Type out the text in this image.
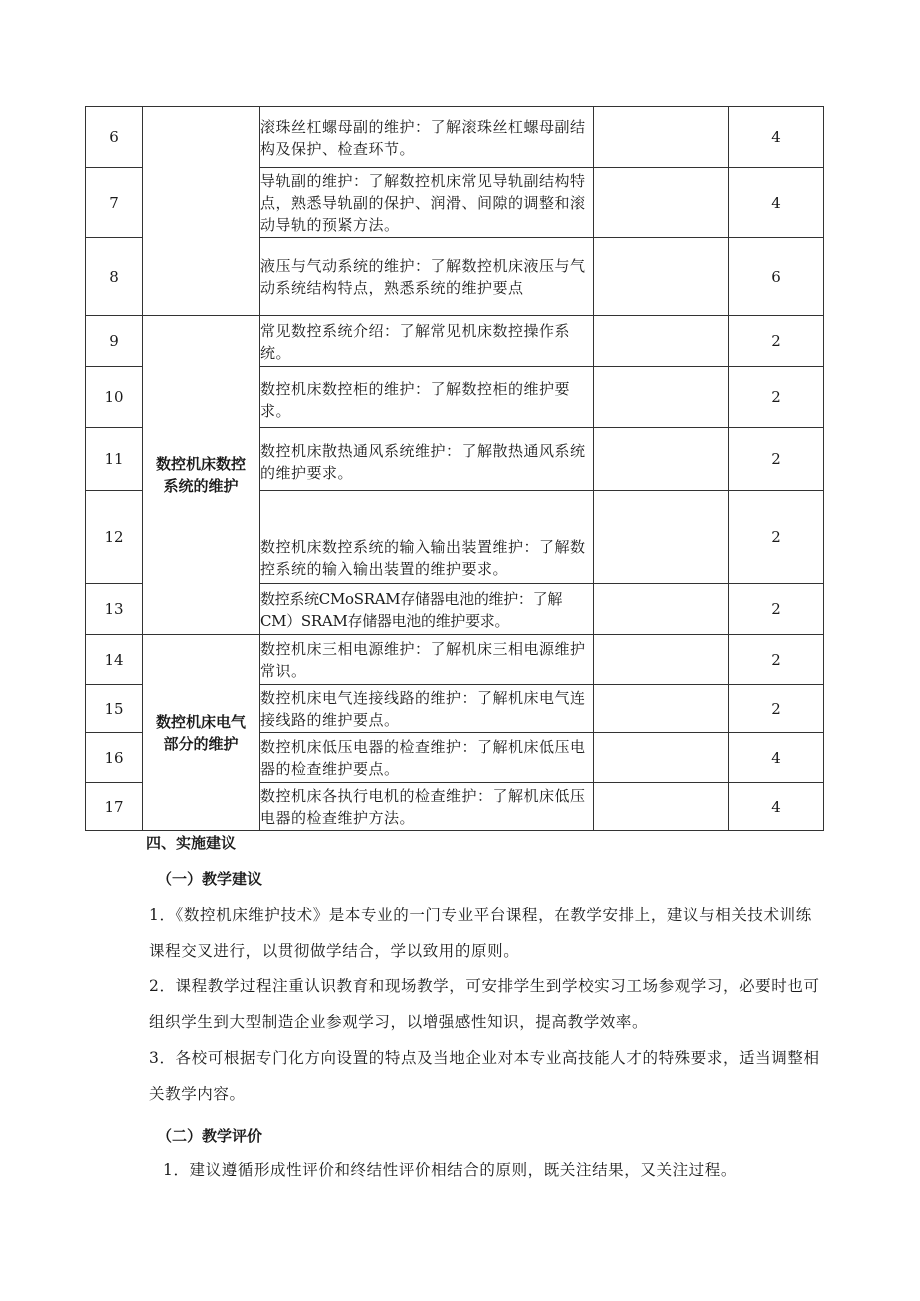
6		滚珠丝杠螺母副的维护：了解滚珠丝杠螺母副结构及保护、检查环节。		4
7		导轨副的维护：了解数控机床常见导轨副结构特点，熟悉导轨副的保护、润滑、间隙的调整和滚动导轨的预紧方法。		4
8		液压与气动系统的维护：了解数控机床液压与气动系统结构特点，熟悉系统的维护要点		6
9	数控机床数控系统的维护	常见数控系统介绍：了解常见机床数控操作系统。		2
10		数控机床数控柜的维护：了解数控柜的维护要求。		2
11		数控机床散热通风系统维护：了解散热通风系统的维护要求。		2
12		数控机床数控系统的输入输出装置维护：了解数控系统的输入输出装置的维护要求。		2
13		数控系统CMoSRAM存储器电池的维护：了解CM）SRAM存储器电池的维护要求。		2
14	数控机床电气部分的维护	数控机床三相电源维护：了解机床三相电源维护常识。		2
15		数控机床电气连接线路的维护：了解机床电气连接线路的维护要点。		2
16		数控机床低压电器的检查维护：了解机床低压电器的检查维护要点。		4
17		数控机床各执行电机的检查维护：了解机床低压电器的检查维护方法。		4
四、实施建议
（一）教学建议
1．《数控机床维护技术》是本专业的一门专业平台课程，在教学安排上，建议与相关技术训练课程交叉进行，以贯彻做学结合，学以致用的原则。
2．课程教学过程注重认识教育和现场教学，可安排学生到学校实习工场参观学习，必要时也可组织学生到大型制造企业参观学习，以增强感性知识，提高教学效率。
3．各校可根据专门化方向设置的特点及当地企业对本专业高技能人才的特殊要求，适当调整相关教学内容。
（二）教学评价
1．建议遵循形成性评价和终结性评价相结合的原则，既关注结果，又关注过程。
